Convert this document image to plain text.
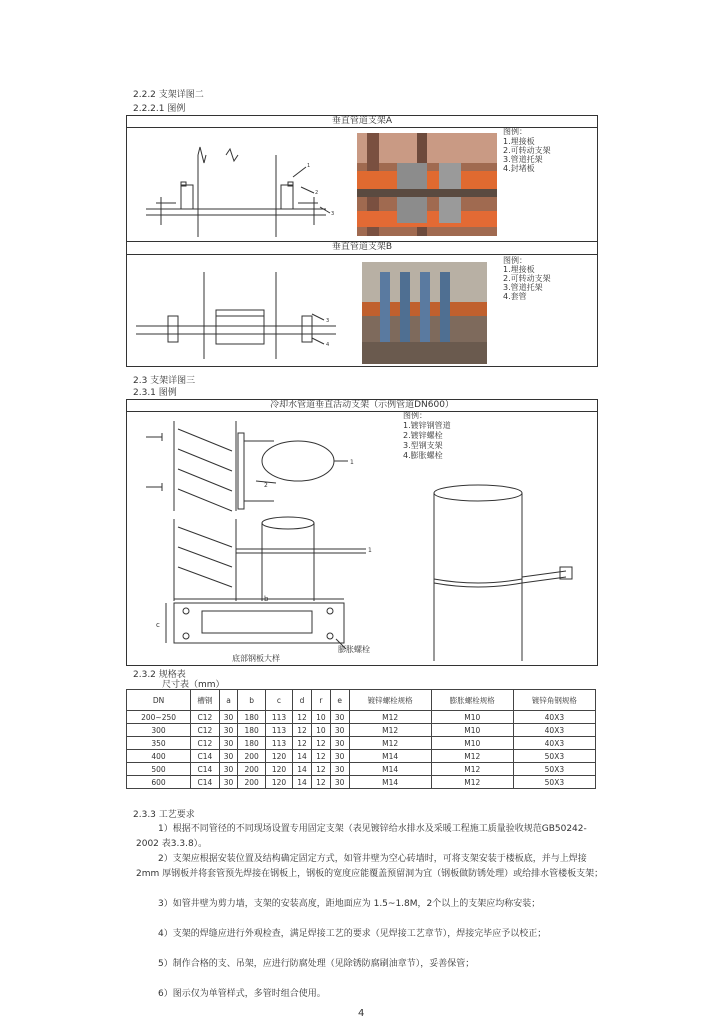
2.2.2 支架详图二
2.2.2.1 图例
垂直管道支架A
1
2
3
图例：
1.埋接板
2.可转动支架
3.管道托架
4.封堵板
垂直管道支架B
3
4
图例：
1.埋接板
2.可转动支架
3.管道托架
4.套管
2.3 支架详图三
2.3.1 图例
冷却水管道垂直活动支架（示例管道DN600）
图例：
1.镀锌钢管道
2.镀锌螺栓
3.型钢支架
4.膨胀螺栓
1
2
1
b
c
底部钢板大样
膨胀螺栓
2.3.2 规格表
尺寸表（mm）
DN	槽钢	a	b	c	d	r	e	镀锌螺栓规格	膨胀螺栓规格	镀锌角钢规格
200~250	C12	30	180	113	12	10	30	M12	M10	40X3
300	C12	30	180	113	12	10	30	M12	M10	40X3
350	C12	30	180	113	12	12	30	M12	M10	40X3
400	C14	30	200	120	14	12	30	M14	M12	50X3
500	C14	30	200	120	14	12	30	M14	M12	50X3
600	C14	30	200	120	14	12	30	M14	M12	50X3
2.3.3 工艺要求
1）根据不同管径的不同现场设置专用固定支架（表见镀锌给水排水及采暖工程施工质量验收规范GB50242-2002 表3.3.8）。
2）支架应根据安装位置及结构确定固定方式，如管井壁为空心砖墙时，可将支架安装于楼板底，并与上焊接 2mm 厚钢板并将套管预先焊接在钢板上，钢板的宽度应能覆盖预留洞为宜（钢板做防锈处理）或给排水管楼板支架；
3）如管井壁为剪力墙，支架的安装高度，距地面应为 1.5~1.8M，2个以上的支架应均称安装；
4）支架的焊缝应进行外观检查，满足焊接工艺的要求（见焊接工艺章节），焊接完毕应予以校正；
5）制作合格的支、吊架，应进行防腐处理（见除锈防腐刷油章节），妥善保管；
6）图示仅为单管样式，多管时组合使用。
4
